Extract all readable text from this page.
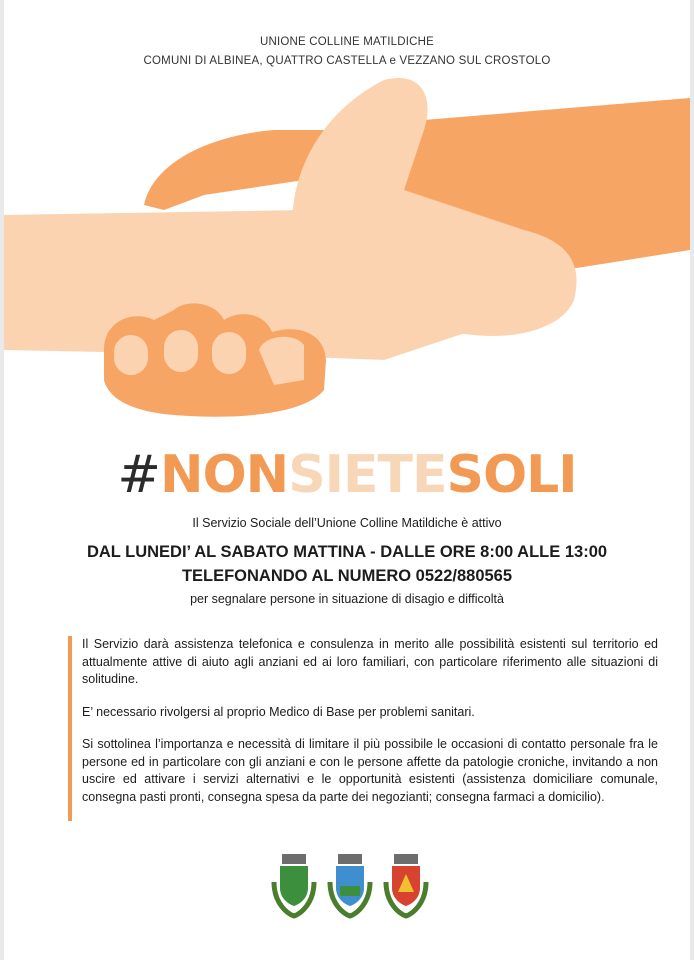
UNIONE COLLINE MATILDICHE
COMUNI DI ALBINEA, QUATTRO CASTELLA e VEZZANO SUL CROSTOLO
#NONSIETESOLI
Il Servizio Sociale dell’Unione Colline Matildiche è attivo
DAL LUNEDI’ AL SABATO MATTINA - DALLE ORE 8:00 ALLE 13:00 TELEFONANDO AL NUMERO 0522/880565
per segnalare persone in situazione di disagio e difficoltà

Il Servizio darà assistenza telefonica e consulenza in merito alle possibilità esistenti sul territorio ed attualmente attive di aiuto agli anziani ed ai loro familiari, con particolare riferimento alle situazioni di solitudine.

E’ necessario rivolgersi al proprio Medico di Base per problemi sanitari.

Si sottolinea l’importanza e necessità di limitare il più possibile le occasioni di contatto personale fra le persone ed in particolare con gli anziani e con le persone affette da patologie croniche, invitando a non uscire ed attivare i servizi alternativi e le opportunità esistenti (assistenza domiciliare comunale, consegna pasti pronti, consegna spesa da parte dei negozianti; consegna farmaci a domicilio).
